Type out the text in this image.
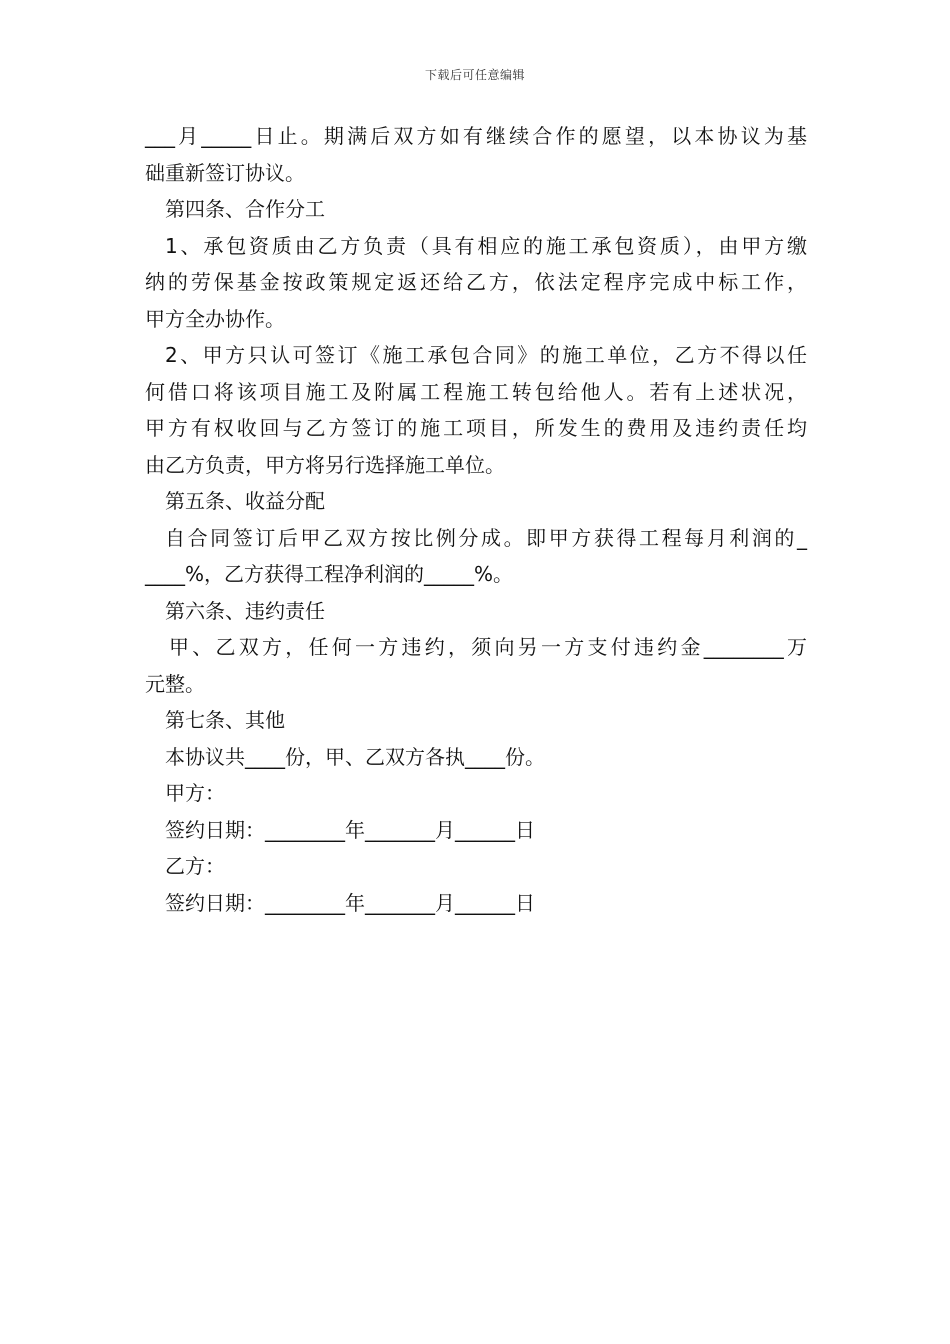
下载后可任意编辑
___月_____日止。期满后双方如有继续合作的愿望，以本协议为基
础重新签订协议。
第四条、合作分工
1、承包资质由乙方负责（具有相应的施工承包资质），由甲方缴
纳的劳保基金按政策规定返还给乙方，依法定程序完成中标工作，
甲方全办协作。
2、甲方只认可签订《施工承包合同》的施工单位，乙方不得以任
何借口将该项目施工及附属工程施工转包给他人。若有上述状况，
甲方有权收回与乙方签订的施工项目，所发生的费用及违约责任均
由乙方负责，甲方将另行选择施工单位。
第五条、收益分配
自合同签订后甲乙双方按比例分成。即甲方获得工程每月利润的_
____%，乙方获得工程净利润的_____%。
第六条、违约责任
甲、乙双方，任何一方违约，须向另一方支付违约金________万
元整。
第七条、其他
本协议共____份，甲、乙双方各执____份。
甲方：
签约日期：________年_______月______日
乙方：
签约日期：________年_______月______日
